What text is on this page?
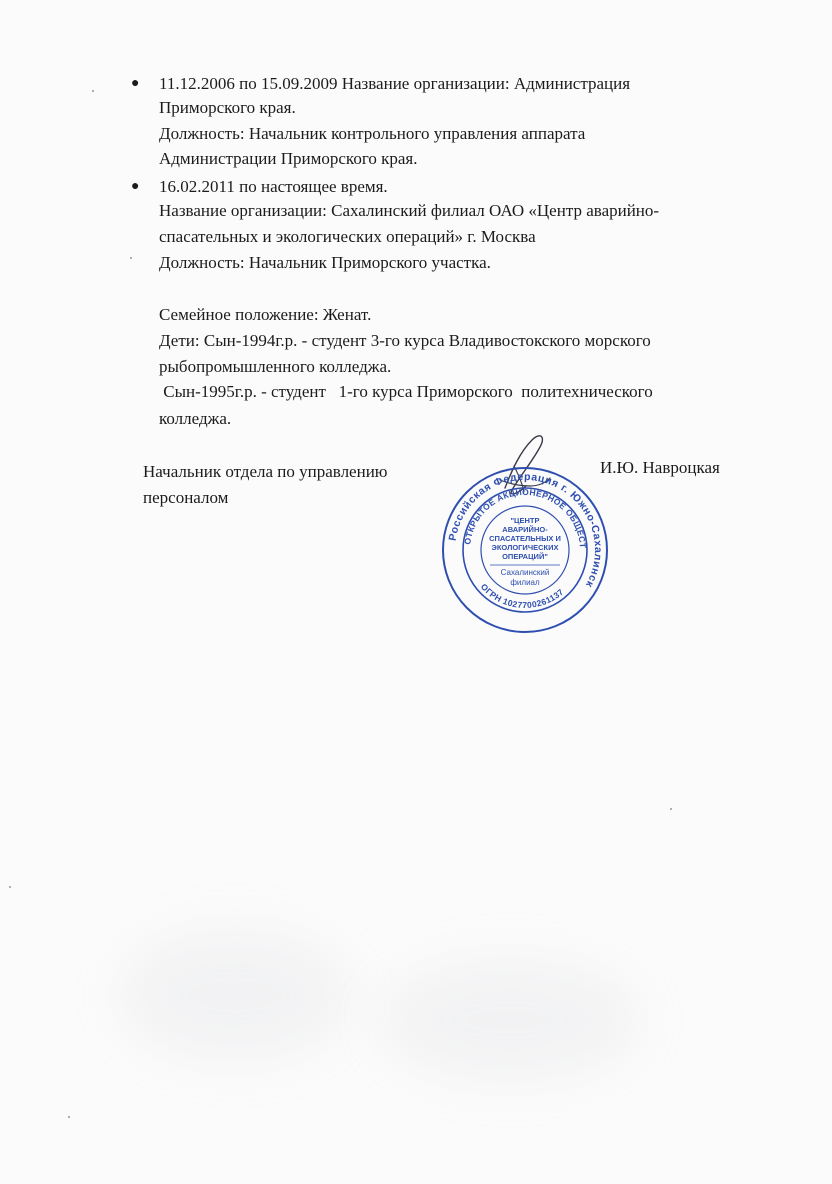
● 11.12.2006 по 15.09.2009 Название организации: Администрация
Приморского края.
Должность: Начальник контрольного управления аппарата
Администрации Приморского края.
● 16.02.2011 по настоящее время.
Название организации: Сахалинский филиал ОАО «Центр аварийно-
спасательных и экологических операций» г. Москва
Должность: Начальник Приморского участка.
Семейное положение: Женат.
Дети: Сын-1994г.р. - студент 3-го курса Владивостокского морского
рыбопромышленного колледжа.
Сын-1995г.р. - студент   1-го курса Приморского  политехнического
колледжа.
Начальник отдела по управлению
персоналом
И.Ю. Навроцкая
Российская Федерация г. Южно-Сахалинск
ОТКРЫТОЕ АКЦИОНЕРНОЕ ОБЩЕСТВО
ОГРН 1027700261137
"ЦЕНТР
АВАРИЙНО-
СПАСАТЕЛЬНЫХ И
ЭКОЛОГИЧЕСКИХ
ОПЕРАЦИЙ"
Сахалинский
филиал
